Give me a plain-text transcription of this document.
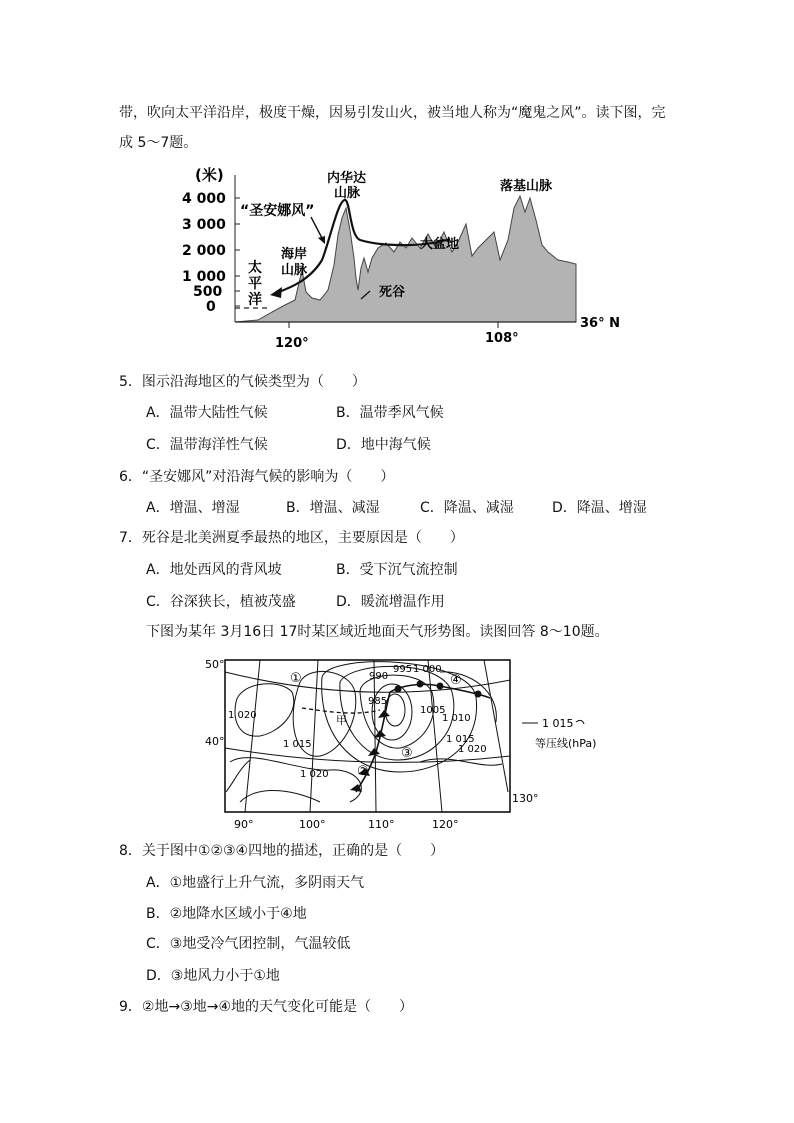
带，吹向太平洋沿岸，极度干燥，因易引发山火，被当地人称为“魔鬼之风”。读下图，完
成 5～7题。
(米)
4 000
3 000
2 000
1 000
500
0
120°	108°
36° N
“圣安娜风”
内华达
山脉	落基山脉
海岸
山脉
大盆地
太
平
洋	死谷
5．图示沿海地区的气候类型为（　　）
A．温带大陆性气候	B．温带季风气候
C．温带海洋性气候	D．地中海气候
6．“圣安娜风”对沿海气候的影响为（　　）
A．增温、增湿	B．增温、减湿	C．降温、减湿	D．降温、增湿
7．死谷是北美洲夏季最热的地区，主要原因是（　　）
A．地处西风的背风坡	B．受下沉气流控制
C．谷深狭长，植被茂盛	D．暖流增温作用
下图为某年 3月16日 17时某区域近地面天气形势图。读图回答 8～10题。
1 015
等压线(hPa)
50°
40°
90°	100°	110°	120°
130°
995 1 000
990
985
1005
1 010
1 015
1 020
1 020
1 015
1 020
①
②
③
④
甲
8．关于图中①②③④四地的描述，正确的是（　　）
A．①地盛行上升气流，多阴雨天气
B．②地降水区域小于④地
C．③地受冷气团控制，气温较低
D．③地风力小于①地
9．②地→③地→④地的天气变化可能是（　　）
